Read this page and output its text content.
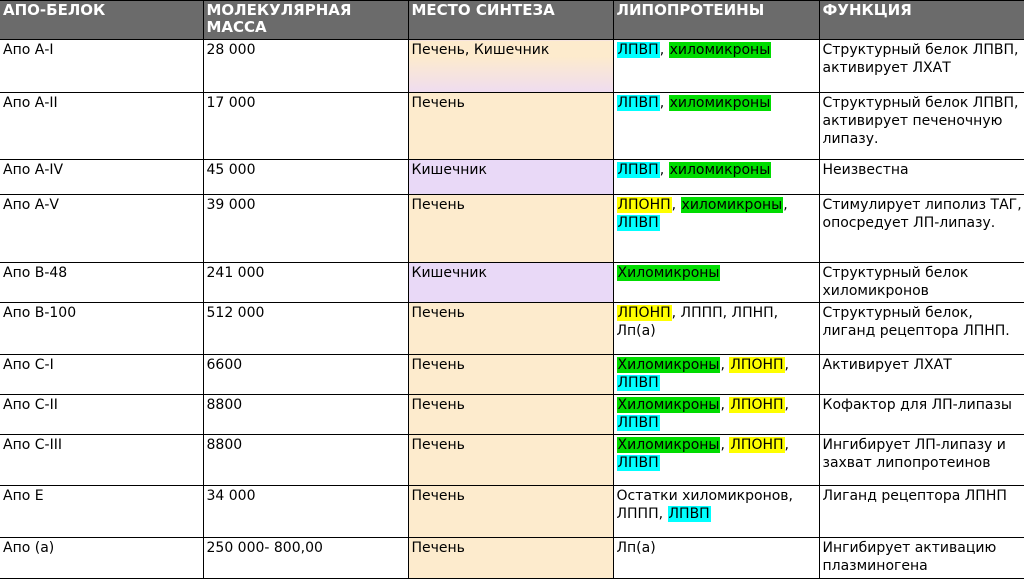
АПО-БЕЛОК	МОЛЕКУЛЯРНАЯ МАССА	МЕСТО СИНТЕЗА	ЛИПОПРОТЕИНЫ	ФУНКЦИЯ
Апо А-I	28 000	Печень, Кишечник	ЛПВП, хиломикроны	Структурный белок ЛПВП, активирует ЛХАТ
Апо А-II	17 000	Печень	ЛПВП, хиломикроны	Структурный белок ЛПВП, активирует печеночную липазу.
Апо А-IV	45 000	Кишечник	ЛПВП, хиломикроны	Неизвестна
Апо А-V	39 000	Печень	ЛПОНП, хиломикроны, ЛПВП	Стимулирует липолиз ТАГ, опосредует ЛП-липазу.
Апо В-48	241 000	Кишечник	Хиломикроны	Структурный белок хиломикронов
Апо В-100	512 000	Печень	ЛПОНП, ЛППП, ЛПНП, Лп(а)	Структурный белок, лиганд рецептора ЛПНП.
Апо С-I	6600	Печень	Хиломикроны, ЛПОНП, ЛПВП	Активирует ЛХАТ
Апо С-II	8800	Печень	Хиломикроны, ЛПОНП, ЛПВП	Кофактор для ЛП-липазы
Апо С-III	8800	Печень	Хиломикроны, ЛПОНП, ЛПВП	Ингибирует ЛП-липазу и захват липопротеинов
Апо Е	34 000	Печень	Остатки хиломикронов, ЛППП, ЛПВП	Лиганд рецептора ЛПНП
Апо (а)	250 000- 800,00	Печень	Лп(а)	Ингибирует активацию плазминогена
